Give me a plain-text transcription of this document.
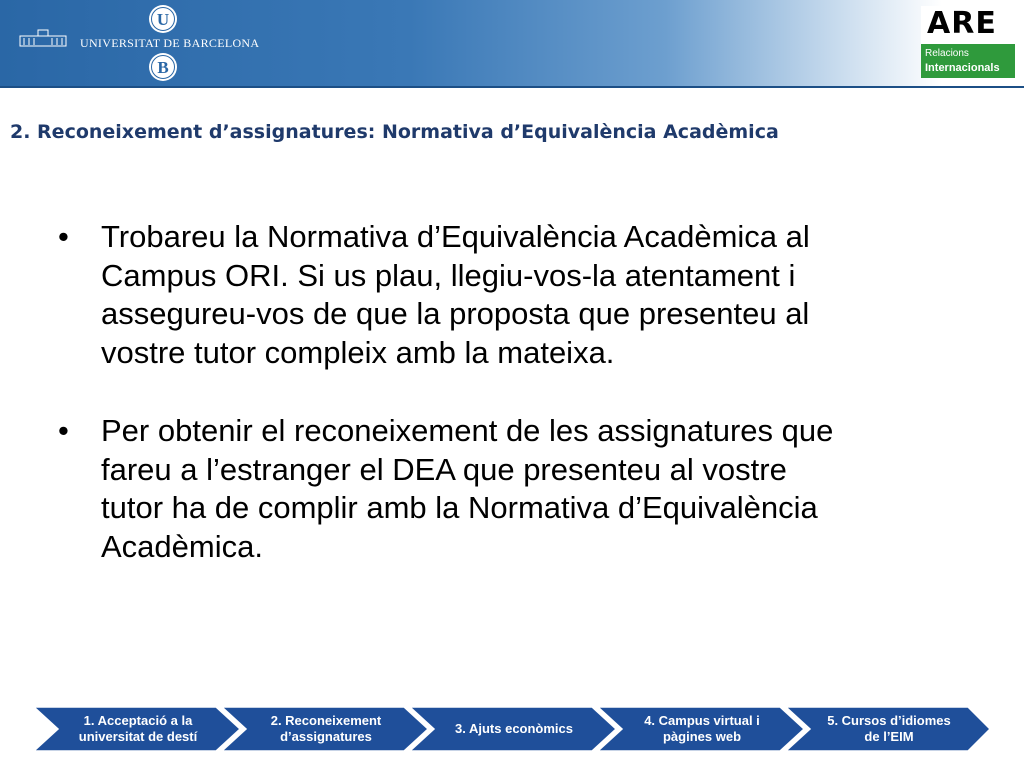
UNIVERSITAT DE BARCELONA
U
B
ARE
Relacions
Internacionals
2. Reconeixement d’assignatures: Normativa d’Equivalència Acadèmica
• Trobareu la Normativa d’Equivalència Acadèmica al
Campus ORI. Si us plau, llegiu-vos-la atentament i
assegureu-vos de que la proposta que presenteu al
vostre tutor compleix amb la mateixa.
• Per obtenir el reconeixement de les assignatures que
fareu a l’estranger el DEA que presenteu al vostre
tutor ha de complir amb la Normativa d’Equivalència
Acadèmica.
1. Acceptació a la
universitat de destí
2. Reconeixement
d’assignatures
3. Ajuts econòmics
4. Campus virtual i
pàgines web
5. Cursos d’idiomes
de l’EIM
